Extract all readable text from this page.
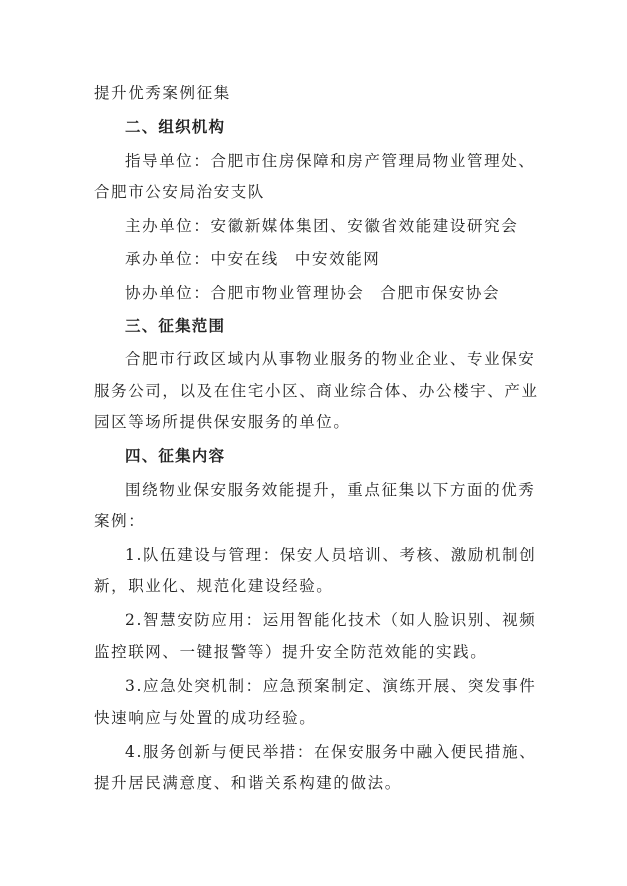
提升优秀案例征集
二、组织机构
指导单位：合肥市住房保障和房产管理局物业管理处、
合肥市公安局治安支队
主办单位：安徽新媒体集团、安徽省效能建设研究会
承办单位：中安在线 中安效能网
协办单位：合肥市物业管理协会 合肥市保安协会
三、征集范围
合肥市行政区域内从事物业服务的物业企业、专业保安
服务公司，以及在住宅小区、商业综合体、办公楼宇、产业
园区等场所提供保安服务的单位。
四、征集内容
围绕物业保安服务效能提升，重点征集以下方面的优秀
案例：
1.队伍建设与管理：保安人员培训、考核、激励机制创
新，职业化、规范化建设经验。
2.智慧安防应用：运用智能化技术（如人脸识别、视频
监控联网、一键报警等）提升安全防范效能的实践。
3.应急处突机制：应急预案制定、演练开展、突发事件
快速响应与处置的成功经验。
4.服务创新与便民举措：在保安服务中融入便民措施、
提升居民满意度、和谐关系构建的做法。
